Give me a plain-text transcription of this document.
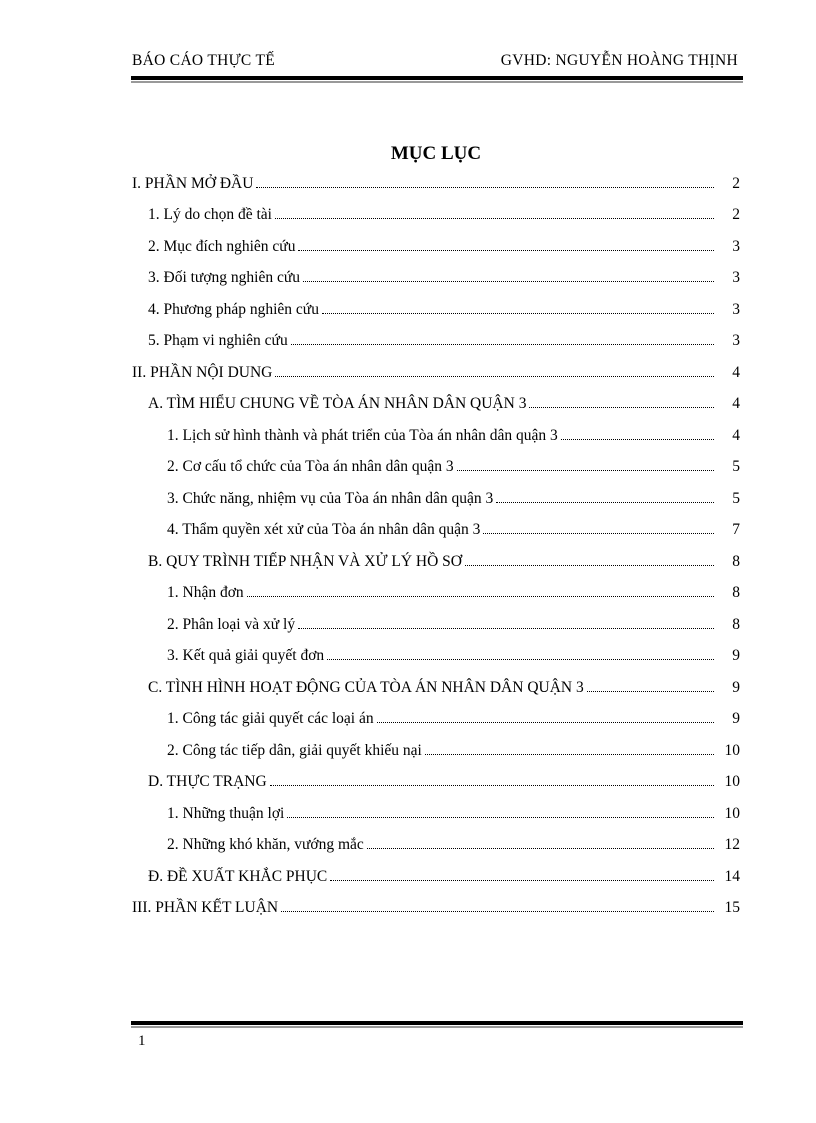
BÁO CÁO THỰC TẾ	GVHD: NGUYỄN HOÀNG THỊNH
MỤC LỤC
I. PHẦN MỞ ĐẦU	2
1. Lý do chọn đề tài	2
2. Mục đích nghiên cứu	3
3. Đối tượng nghiên cứu	3
4. Phương pháp nghiên cứu	3
5. Phạm vi nghiên cứu	3
II. PHẦN NỘI DUNG	4
A. TÌM HIỂU CHUNG VỀ TÒA ÁN NHÂN DÂN QUẬN 3	4
1. Lịch sử hình thành và phát triển của Tòa án nhân dân quận 3	4
2. Cơ cấu tổ chức của Tòa án nhân dân quận 3	5
3. Chức năng, nhiệm vụ của Tòa án nhân dân quận 3	5
4. Thẩm quyền xét xử của Tòa án nhân dân quận 3	7
B. QUY TRÌNH TIẾP NHẬN VÀ XỬ LÝ HỒ SƠ	8
1. Nhận đơn	8
2. Phân loại và xử lý	8
3. Kết quả giải quyết đơn	9
C. TÌNH HÌNH HOẠT ĐỘNG CỦA TÒA ÁN NHÂN DÂN QUẬN 3	9
1. Công tác giải quyết các loại án	9
2. Công tác tiếp dân, giải quyết khiếu nại	10
D. THỰC TRẠNG	10
1. Những thuận lợi	10
2. Những khó khăn, vướng mắc	12
Đ. ĐỀ XUẤT KHẮC PHỤC	14
III. PHẦN KẾT LUẬN	15
1
